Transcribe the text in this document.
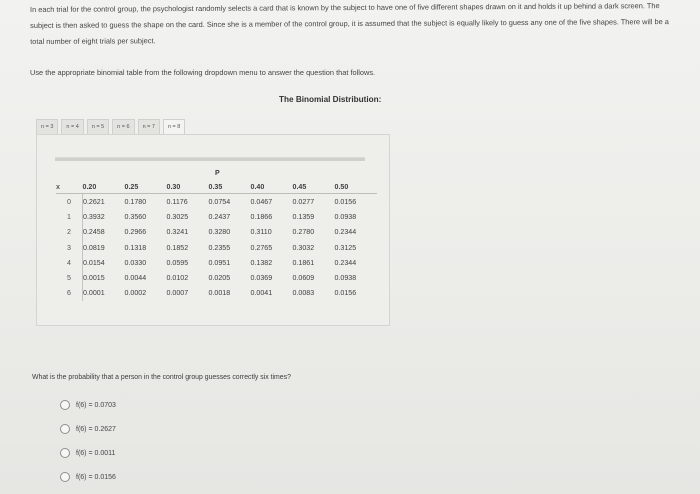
In each trial for the control group, the psychologist randomly selects a card that is known by the subject to have one of five different shapes drawn on it and holds it up behind a dark screen. The subject is then asked to guess the shape on the card. Since she is a member of the control group, it is assumed that the subject is equally likely to guess any one of the five shapes. There will be a total number of eight trials per subject.
Use the appropriate binomial table from the following dropdown menu to answer the question that follows.
The Binomial Distribution:
n = 3	n = 4	n = 5	n = 6	n = 7	n = 8
P
x	0.20	0.25	0.30	0.35	0.40	0.45	0.50
0	0.2621	0.1780	0.1176	0.0754	0.0467	0.0277	0.0156
1	0.3932	0.3560	0.3025	0.2437	0.1866	0.1359	0.0938
2	0.2458	0.2966	0.3241	0.3280	0.3110	0.2780	0.2344
3	0.0819	0.1318	0.1852	0.2355	0.2765	0.3032	0.3125
4	0.0154	0.0330	0.0595	0.0951	0.1382	0.1861	0.2344
5	0.0015	0.0044	0.0102	0.0205	0.0369	0.0609	0.0938
6	0.0001	0.0002	0.0007	0.0018	0.0041	0.0083	0.0156
What is the probability that a person in the control group guesses correctly six times?
f(6) = 0.0703
f(6) = 0.2627
f(6) = 0.0011
f(6) = 0.0156
